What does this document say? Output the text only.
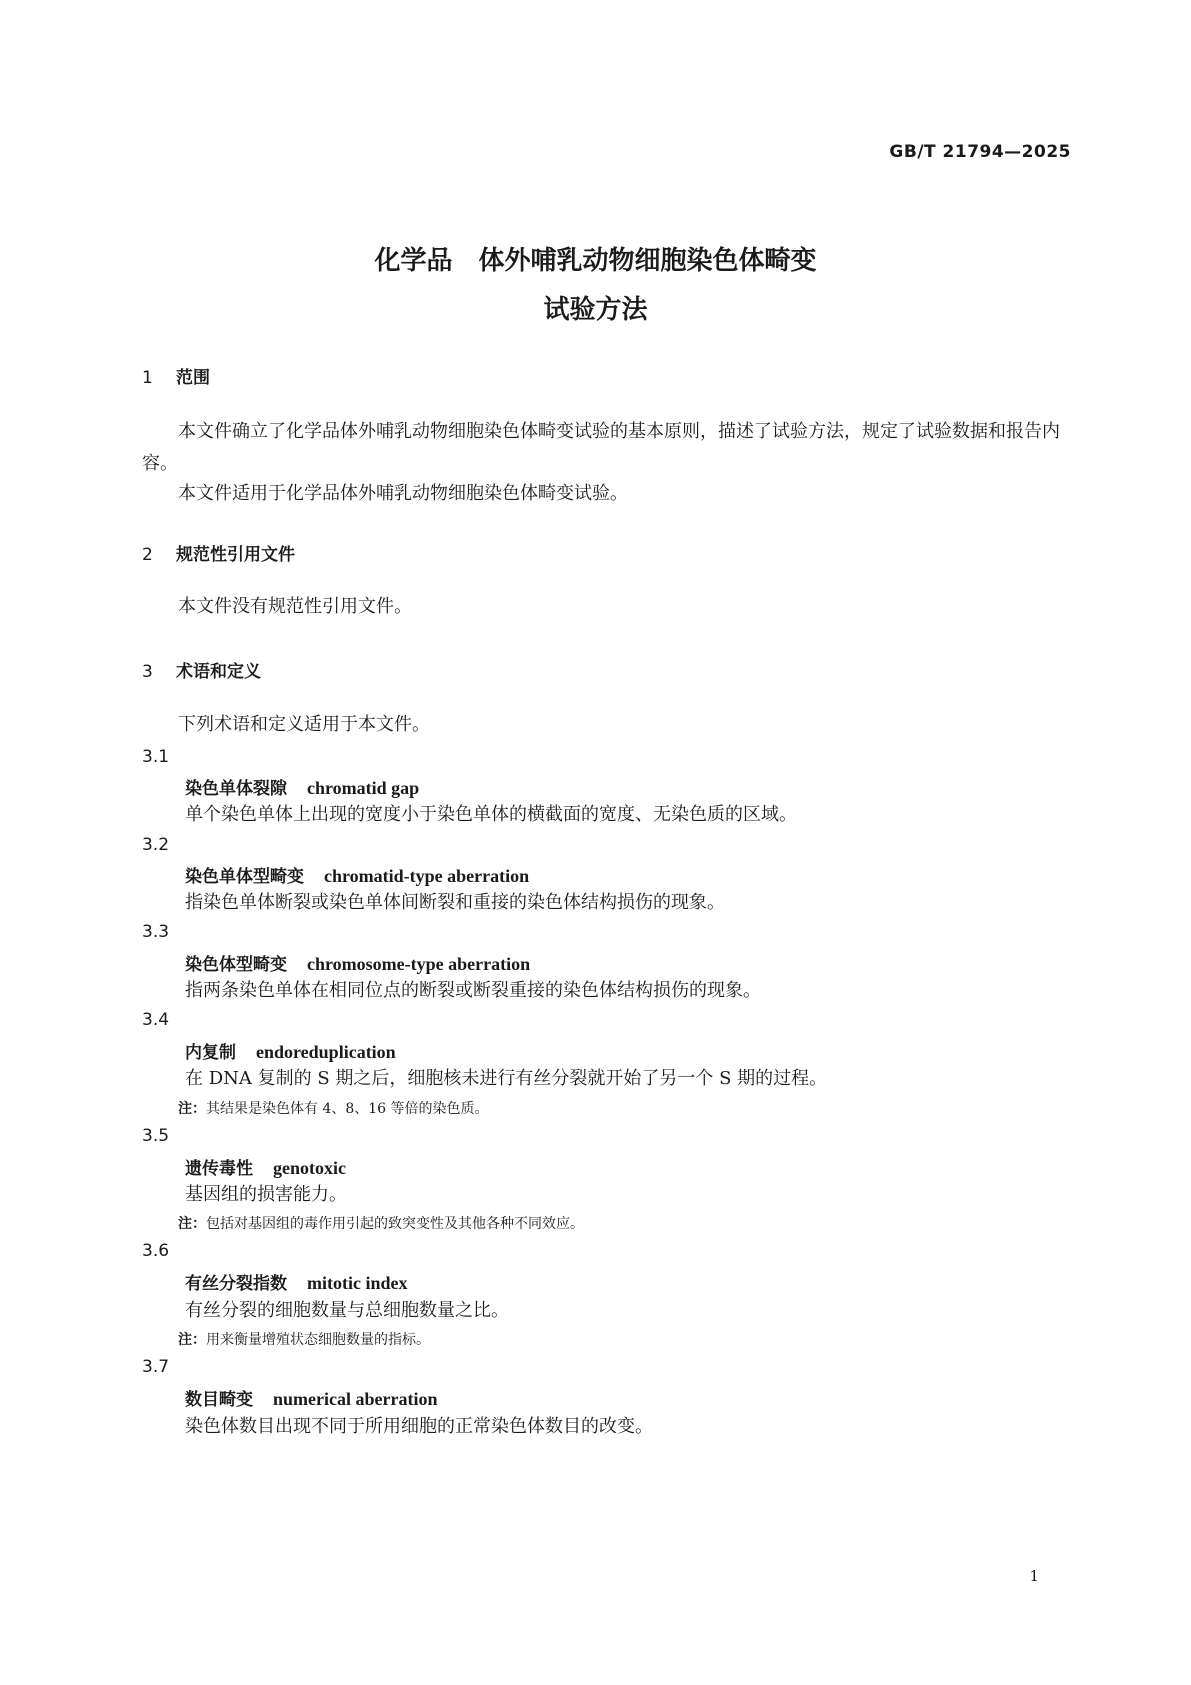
GB/T 21794—2025
化学品　体外哺乳动物细胞染色体畸变
试验方法
1 范围
本文件确立了化学品体外哺乳动物细胞染色体畸变试验的基本原则，描述了试验方法，规定了试验数据和报告内容。
本文件适用于化学品体外哺乳动物细胞染色体畸变试验。
2 规范性引用文件
本文件没有规范性引用文件。
3 术语和定义
下列术语和定义适用于本文件。
3.1
染色单体裂隙 chromatid gap
单个染色单体上出现的宽度小于染色单体的横截面的宽度、无染色质的区域。
3.2
染色单体型畸变 chromatid-type aberration
指染色单体断裂或染色单体间断裂和重接的染色体结构损伤的现象。
3.3
染色体型畸变 chromosome-type aberration
指两条染色单体在相同位点的断裂或断裂重接的染色体结构损伤的现象。
3.4
内复制 endoreduplication
在 DNA 复制的 S 期之后，细胞核未进行有丝分裂就开始了另一个 S 期的过程。
注：其结果是染色体有 4、8、16 等倍的染色质。
3.5
遗传毒性 genotoxic
基因组的损害能力。
注：包括对基因组的毒作用引起的致突变性及其他各种不同效应。
3.6
有丝分裂指数 mitotic index
有丝分裂的细胞数量与总细胞数量之比。
注：用来衡量增殖状态细胞数量的指标。
3.7
数目畸变 numerical aberration
染色体数目出现不同于所用细胞的正常染色体数目的改变。
1
